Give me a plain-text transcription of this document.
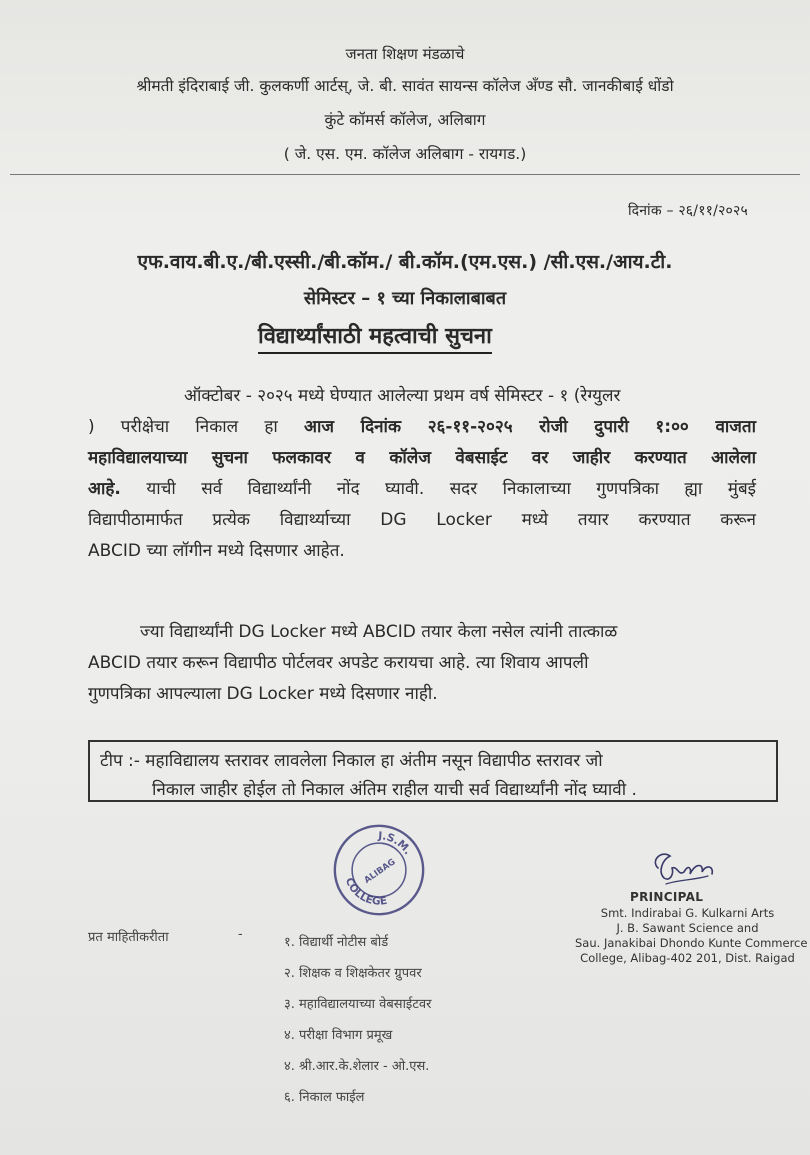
जनता शिक्षण मंडळाचे
श्रीमती इंदिराबाई जी. कुलकर्णी आर्टस्, जे. बी. सावंत सायन्स कॉलेज अँण्ड सौ. जानकीबाई धोंडो
कुंटे कॉमर्स कॉलेज, अलिबाग
( जे. एस. एम. कॉलेज अलिबाग - रायगड.)
दिनांक – २६/११/२०२५
एफ.वाय.बी.ए./बी.एस्सी./बी.कॉम./ बी.कॉम.(एम.एस.) /सी.एस./आय.टी.
सेमिस्टर – १ च्या निकालाबाबत
विद्यार्थ्यांसाठी महत्वाची सुचना
ऑक्टोबर - २०२५ मध्ये घेण्यात आलेल्या प्रथम वर्ष सेमिस्टर - १ (रेग्युलर
) परीक्षेचा निकाल हा आज दिनांक २६-११-२०२५ रोजी दुपारी १:०० वाजता
महाविद्यालयाच्या सुचना फलकावर व कॉलेज वेबसाईट वर जाहीर करण्यात आलेला
आहे. याची सर्व विद्यार्थ्यांनी नोंद घ्यावी. सदर निकालाच्या गुणपत्रिका ह्या मुंबई
विद्यापीठामार्फत प्रत्येक विद्यार्थ्याच्या DG Locker मध्ये तयार करण्यात करून
ABCID च्या लॉगीन मध्ये दिसणार आहेत.
ज्या विद्यार्थ्यांनी DG Locker मध्ये ABCID तयार केला नसेल त्यांनी तात्काळ
ABCID तयार करून विद्यापीठ पोर्टलवर अपडेट करायचा आहे. त्या शिवाय आपली
गुणपत्रिका आपल्याला DG Locker मध्ये दिसणार नाही.
टीप :- महाविद्यालय स्तरावर लावलेला निकाल हा अंतीम नसून विद्यापीठ स्तरावर जो
निकाल जाहीर होईल तो निकाल अंतिम राहील याची सर्व विद्यार्थ्यांनी नोंद घ्यावी .
J.S.M.
ALIBAG
COLLEGE	PRINCIPAL
Smt. Indirabai G. Kulkarni Arts
J. B. Sawant Science and
Sau. Janakibai Dhondo Kunte Commerce
College, Alibag-402 201, Dist. Raigad
प्रत माहितीकरीता	-
१. विद्यार्थी नोटीस बोर्ड
२. शिक्षक व शिक्षकेतर ग्रुपवर
३. महाविद्यालयाच्या वेबसाईटवर
४. परीक्षा विभाग प्रमूख
४. श्री.आर.के.शेलार - ओ.एस.
६. निकाल फाईल
